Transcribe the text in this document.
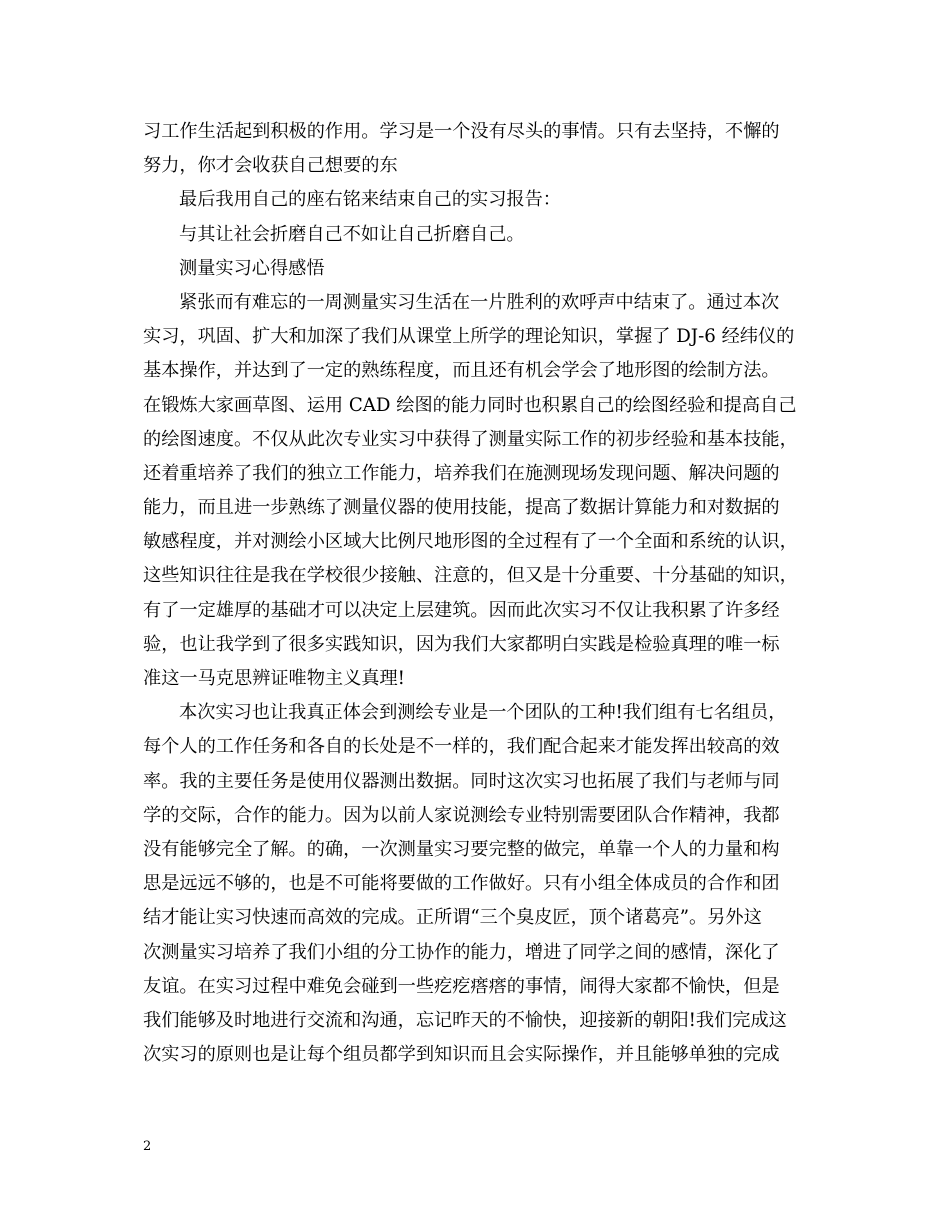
习工作生活起到积极的作用。学习是一个没有尽头的事情。只有去坚持，不懈的
努力，你才会收获自己想要的东
最后我用自己的座右铭来结束自己的实习报告：
与其让社会折磨自己不如让自己折磨自己。
测量实习心得感悟
紧张而有难忘的一周测量实习生活在一片胜利的欢呼声中结束了。通过本次
实习，巩固、扩大和加深了我们从课堂上所学的理论知识，掌握了 DJ-6 经纬仪的
基本操作，并达到了一定的熟练程度，而且还有机会学会了地形图的绘制方法。
在锻炼大家画草图、运用 CAD 绘图的能力同时也积累自己的绘图经验和提高自己
的绘图速度。不仅从此次专业实习中获得了测量实际工作的初步经验和基本技能，
还着重培养了我们的独立工作能力，培养我们在施测现场发现问题、解决问题的
能力，而且进一步熟练了测量仪器的使用技能，提高了数据计算能力和对数据的
敏感程度，并对测绘小区域大比例尺地形图的全过程有了一个全面和系统的认识，
这些知识往往是我在学校很少接触、注意的，但又是十分重要、十分基础的知识，
有了一定雄厚的基础才可以决定上层建筑。因而此次实习不仅让我积累了许多经
验，也让我学到了很多实践知识，因为我们大家都明白实践是检验真理的唯一标
准这一马克思辨证唯物主义真理!
本次实习也让我真正体会到测绘专业是一个团队的工种!我们组有七名组员，
每个人的工作任务和各自的长处是不一样的，我们配合起来才能发挥出较高的效
率。我的主要任务是使用仪器测出数据。同时这次实习也拓展了我们与老师与同
学的交际，合作的能力。因为以前人家说测绘专业特别需要团队合作精神，我都
没有能够完全了解。的确，一次测量实习要完整的做完，单靠一个人的力量和构
思是远远不够的，也是不可能将要做的工作做好。只有小组全体成员的合作和团
结才能让实习快速而高效的完成。正所谓“三个臭皮匠，顶个诸葛亮”。另外这
次测量实习培养了我们小组的分工协作的能力，增进了同学之间的感情，深化了
友谊。在实习过程中难免会碰到一些疙疙瘩瘩的事情，闹得大家都不愉快，但是
我们能够及时地进行交流和沟通，忘记昨天的不愉快，迎接新的朝阳!我们完成这
次实习的原则也是让每个组员都学到知识而且会实际操作，并且能够单独的完成
2
